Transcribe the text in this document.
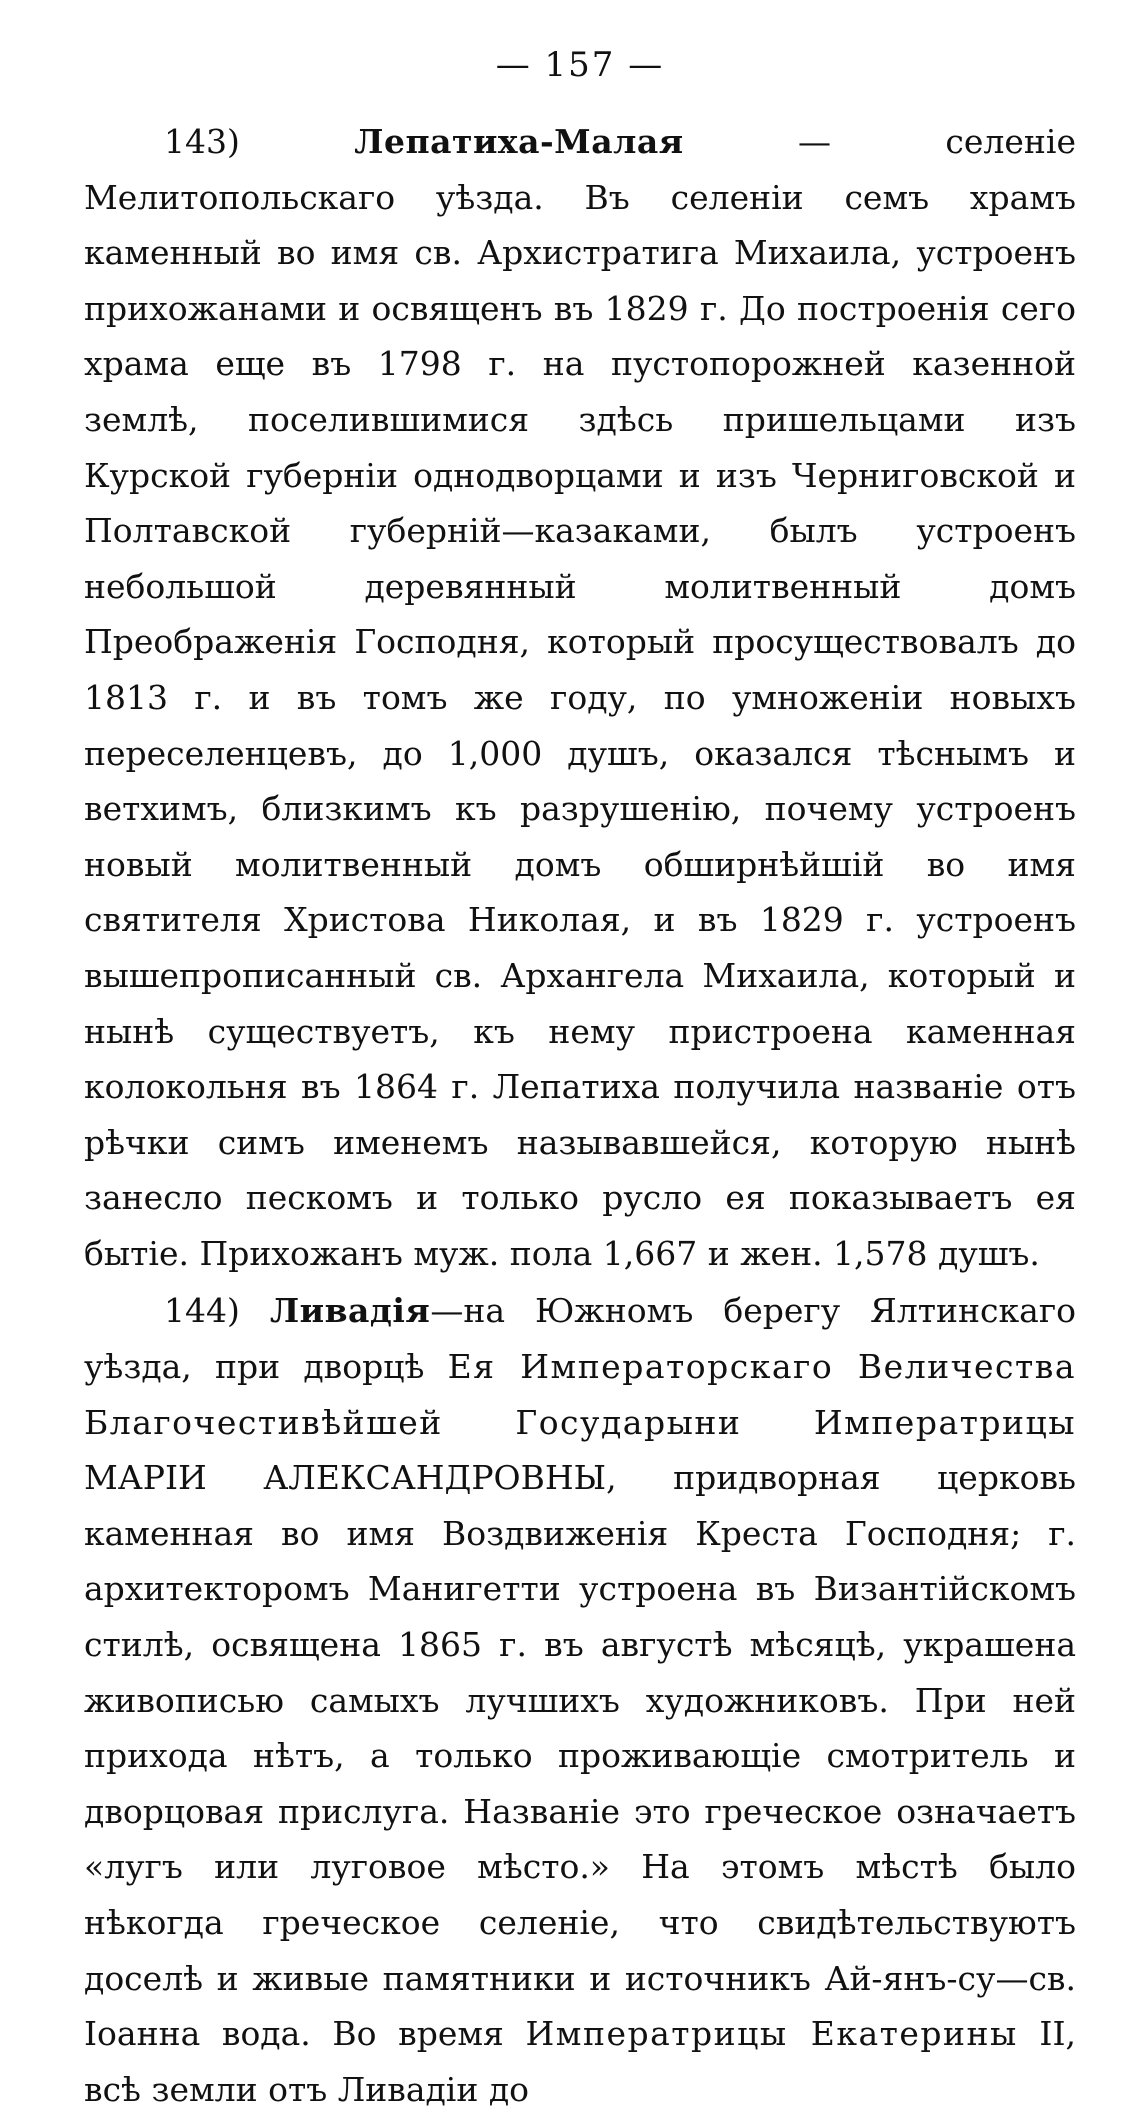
— 157 —

143)	Лепатиха-Малая — селеніе Мелитопольскаго уѣзда. Въ селеніи семъ храмъ каменный во имя св. Архистратига Михаила, устроенъ прихожанами и освященъ въ 1829 г. До построенія сего храма еще въ 1798 г. на пустопорожней казенной землѣ, поселившимися здѣсь пришельцами изъ Курской губерніи однодворцами и изъ Черниговской и Полтавской губерній—казаками, былъ устроенъ небольшой деревянный молитвенный домъ Преображенія Господня, который просуществовалъ до 1813 г. и въ томъ же году, по умноженіи новыхъ переселенцевъ, до 1,000 душъ, оказался тѣснымъ и ветхимъ, близкимъ къ разрушенію, почему устроенъ новый молитвенный домъ обширнѣйшій во имя святителя Христова Николая, и въ 1829 г. устроенъ вышепрописанный св. Архангела Михаила, который и нынѣ существуетъ, къ нему пристроена каменная колокольня въ 1864 г. Лепатиха получила названіе отъ рѣчки симъ именемъ называвшейся, которую нынѣ занесло пескомъ и только русло ея показываетъ ея бытіе. Прихожанъ муж. пола 1,667 и жен. 1,578 душъ.

144) Ливадія—на Южномъ берегу Ялтинскаго уѣзда, при дворцѣ Ея Императорскаго Величества Благочестивѣйшей Государыни Императрицы МАРІИ АЛЕКСАНДРОВНЫ, придворная церковь каменная во имя Воздвиженія Креста Господня; г. архитекторомъ Манигетти устроена въ Византійскомъ стилѣ, освящена 1865 г. въ августѣ мѣсяцѣ, украшена живописью самыхъ лучшихъ художниковъ. При ней прихода нѣтъ, а только проживающіе смотритель и дворцовая прислуга. Названіе это греческое означаетъ «лугъ или луговое мѣсто.» На этомъ мѣстѣ было нѣкогда греческое селеніе, что свидѣтельствуютъ доселѣ и живые памятники и источникъ Ай-янъ-су—св. Іоанна вода. Во время Императрицы Екатерины II, всѣ земли отъ Ливадіи до
